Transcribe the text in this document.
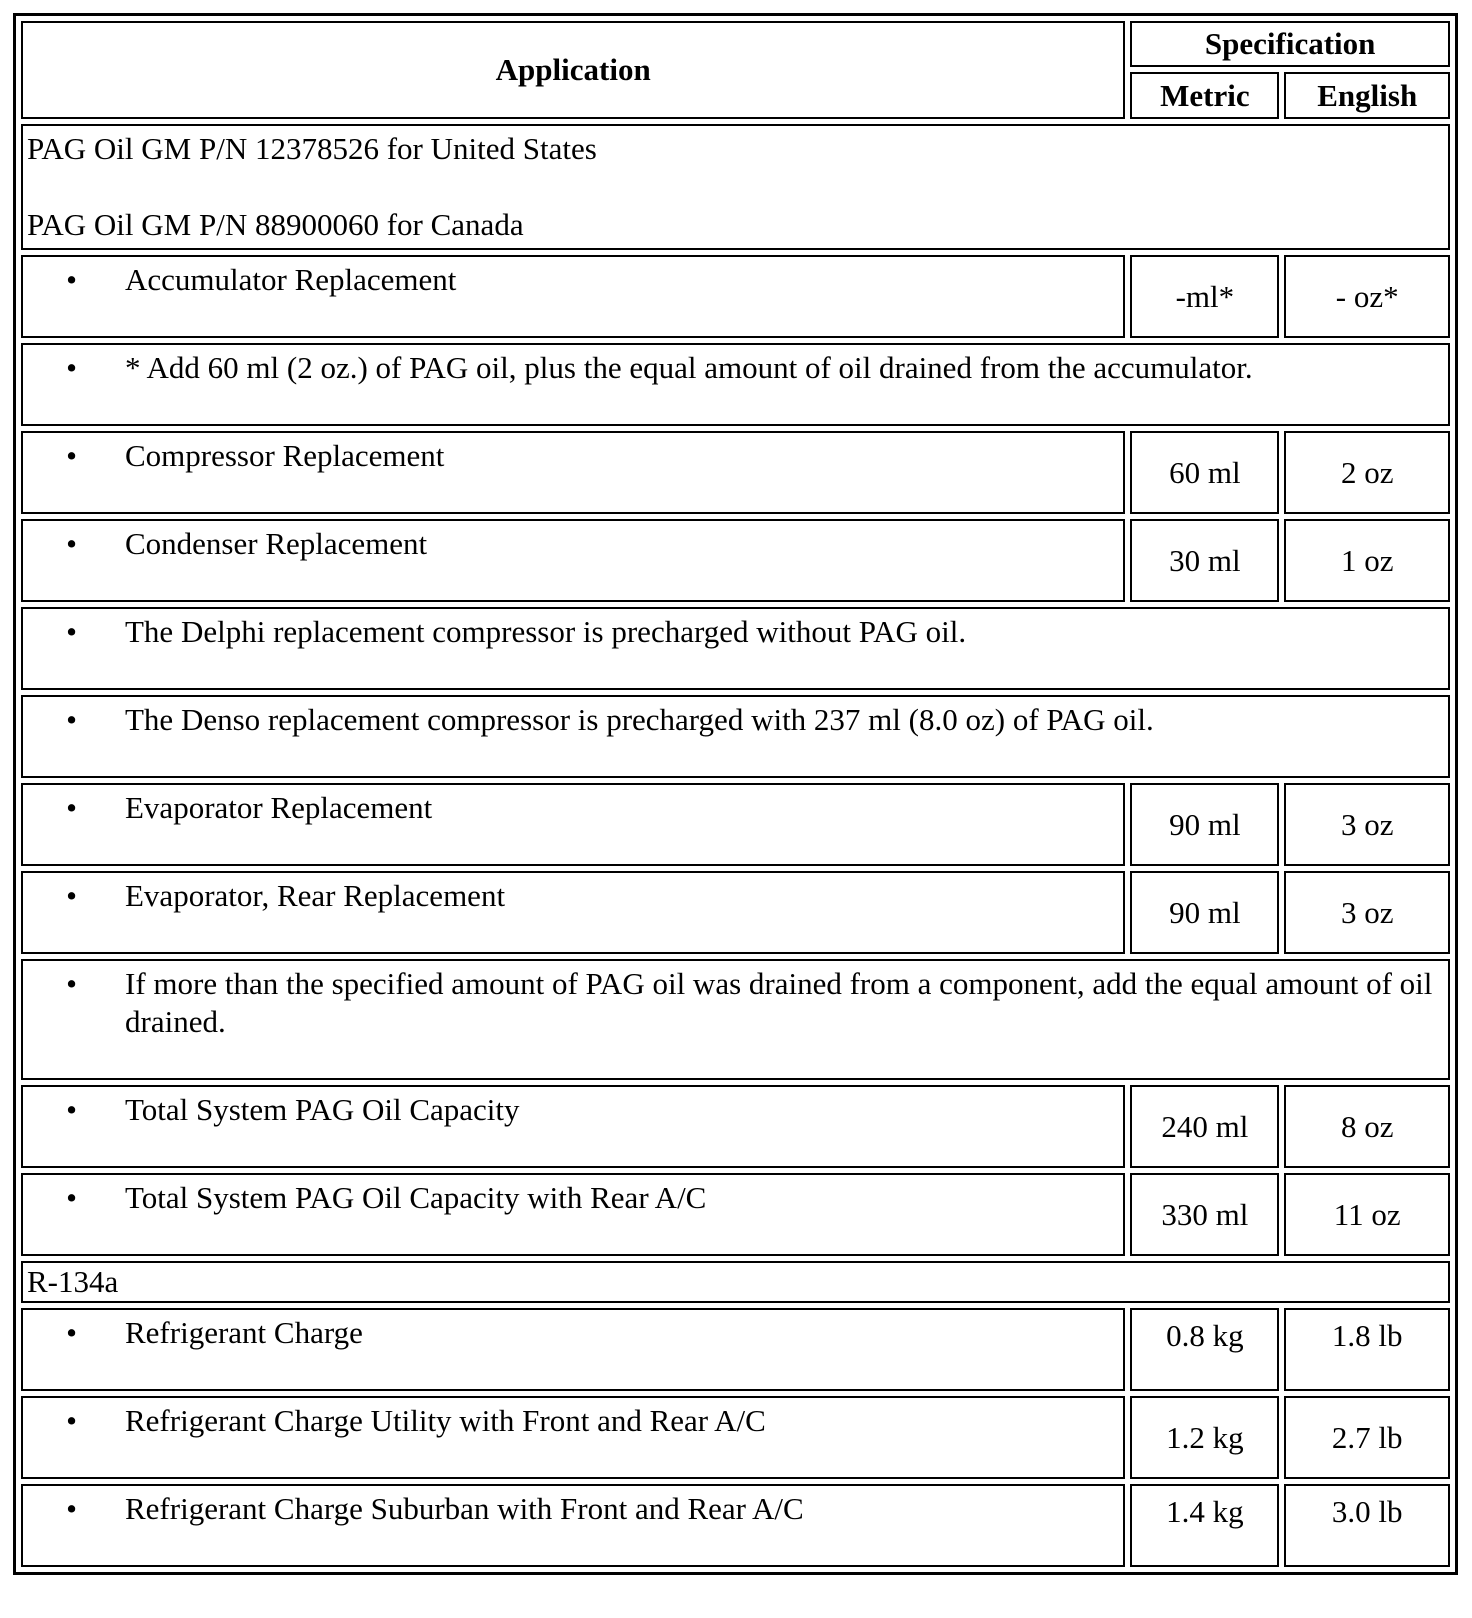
Application	Specification	
	Metric	English

PAG Oil GM P/N 12378526 for United States
PAG Oil GM P/N 88900060 for Canada		

• Accumulator Replacement	-ml*	- oz*

• * Add 60 ml (2 oz.) of PAG oil, plus the equal amount of oil drained from the accumulator.		

• Compressor Replacement	60 ml	2 oz

• Condenser Replacement	30 ml	1 oz

• The Delphi replacement compressor is precharged without PAG oil.		

• The Denso replacement compressor is precharged with 237 ml (8.0 oz) of PAG oil.		

• Evaporator Replacement	90 ml	3 oz

• Evaporator, Rear Replacement	90 ml	3 oz

• If more than the specified amount of PAG oil was drained from a component, add the equal amount of oil drained.		

• Total System PAG Oil Capacity	240 ml	8 oz

• Total System PAG Oil Capacity with Rear A/C	330 ml	11 oz
R-134a		

• Refrigerant Charge	0.8 kg	1.8 lb

• Refrigerant Charge Utility with Front and Rear A/C	1.2 kg	2.7 lb

• Refrigerant Charge Suburban with Front and Rear A/C	1.4 kg	3.0 lb
